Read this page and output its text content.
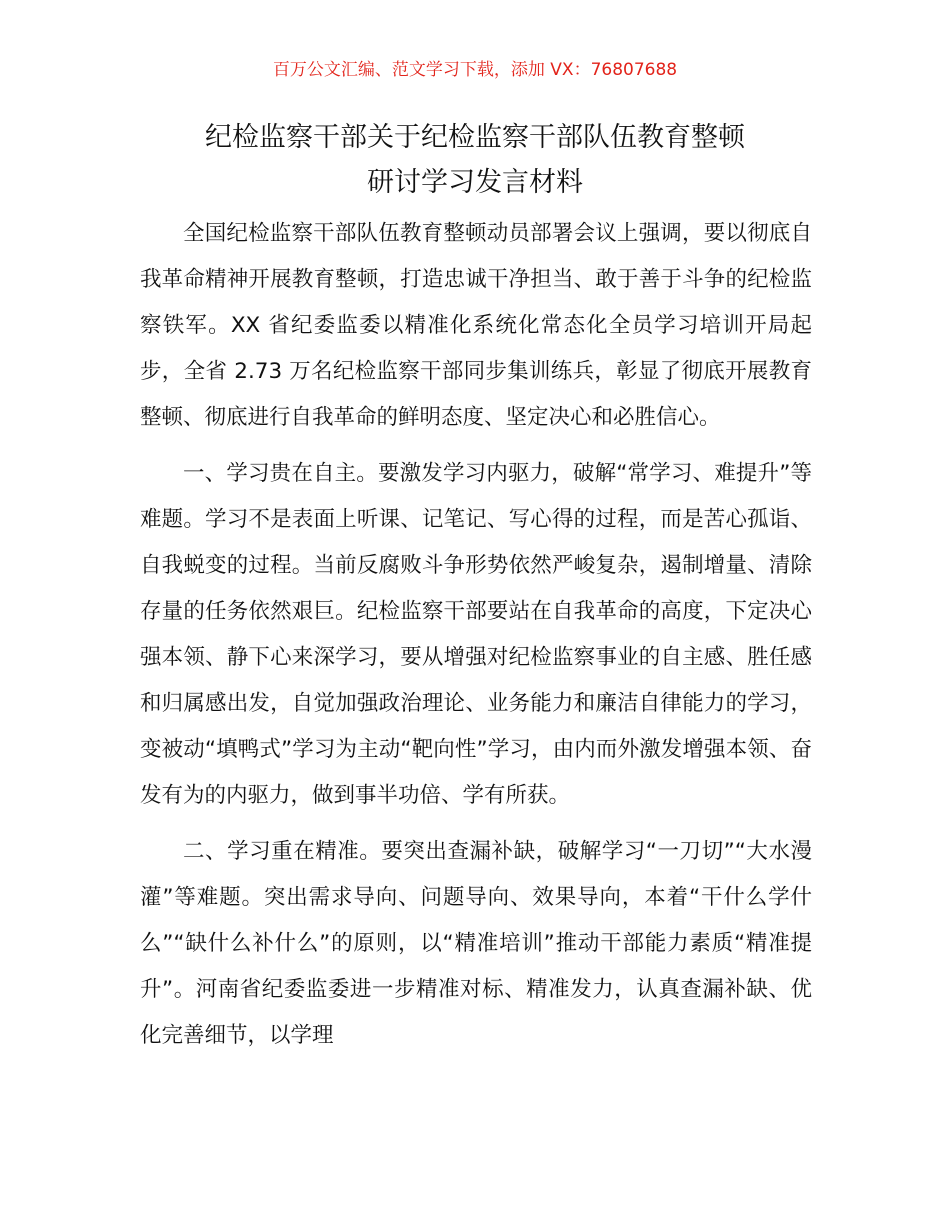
百万公文汇编、范文学习下载，添加 VX：76807688
纪检监察干部关于纪检监察干部队伍教育整顿
研讨学习发言材料

全国纪检监察干部队伍教育整顿动员部署会议上强调，要以彻底自我革命精神开展教育整顿，打造忠诚干净担当、敢于善于斗争的纪检监察铁军。XX 省纪委监委以精准化系统化常态化全员学习培训开局起步，全省 2.73 万名纪检监察干部同步集训练兵，彰显了彻底开展教育整顿、彻底进行自我革命的鲜明态度、坚定决心和必胜信心。

一、学习贵在自主。要激发学习内驱力，破解“常学习、难提升”等难题。学习不是表面上听课、记笔记、写心得的过程，而是苦心孤诣、自我蜕变的过程。当前反腐败斗争形势依然严峻复杂，遏制增量、清除存量的任务依然艰巨。纪检监察干部要站在自我革命的高度，下定决心强本领、静下心来深学习，要从增强对纪检监察事业的自主感、胜任感和归属感出发，自觉加强政治理论、业务能力和廉洁自律能力的学习，变被动“填鸭式”学习为主动“靶向性”学习，由内而外激发增强本领、奋发有为的内驱力，做到事半功倍、学有所获。

二、学习重在精准。要突出查漏补缺，破解学习“一刀切”“大水漫灌”等难题。突出需求导向、问题导向、效果导向，本着“干什么学什么”“缺什么补什么”的原则，以“精准培训”推动干部能力素质“精准提升”。河南省纪委监委进一步精准对标、精准发力，认真查漏补缺、优化完善细节，以学理
